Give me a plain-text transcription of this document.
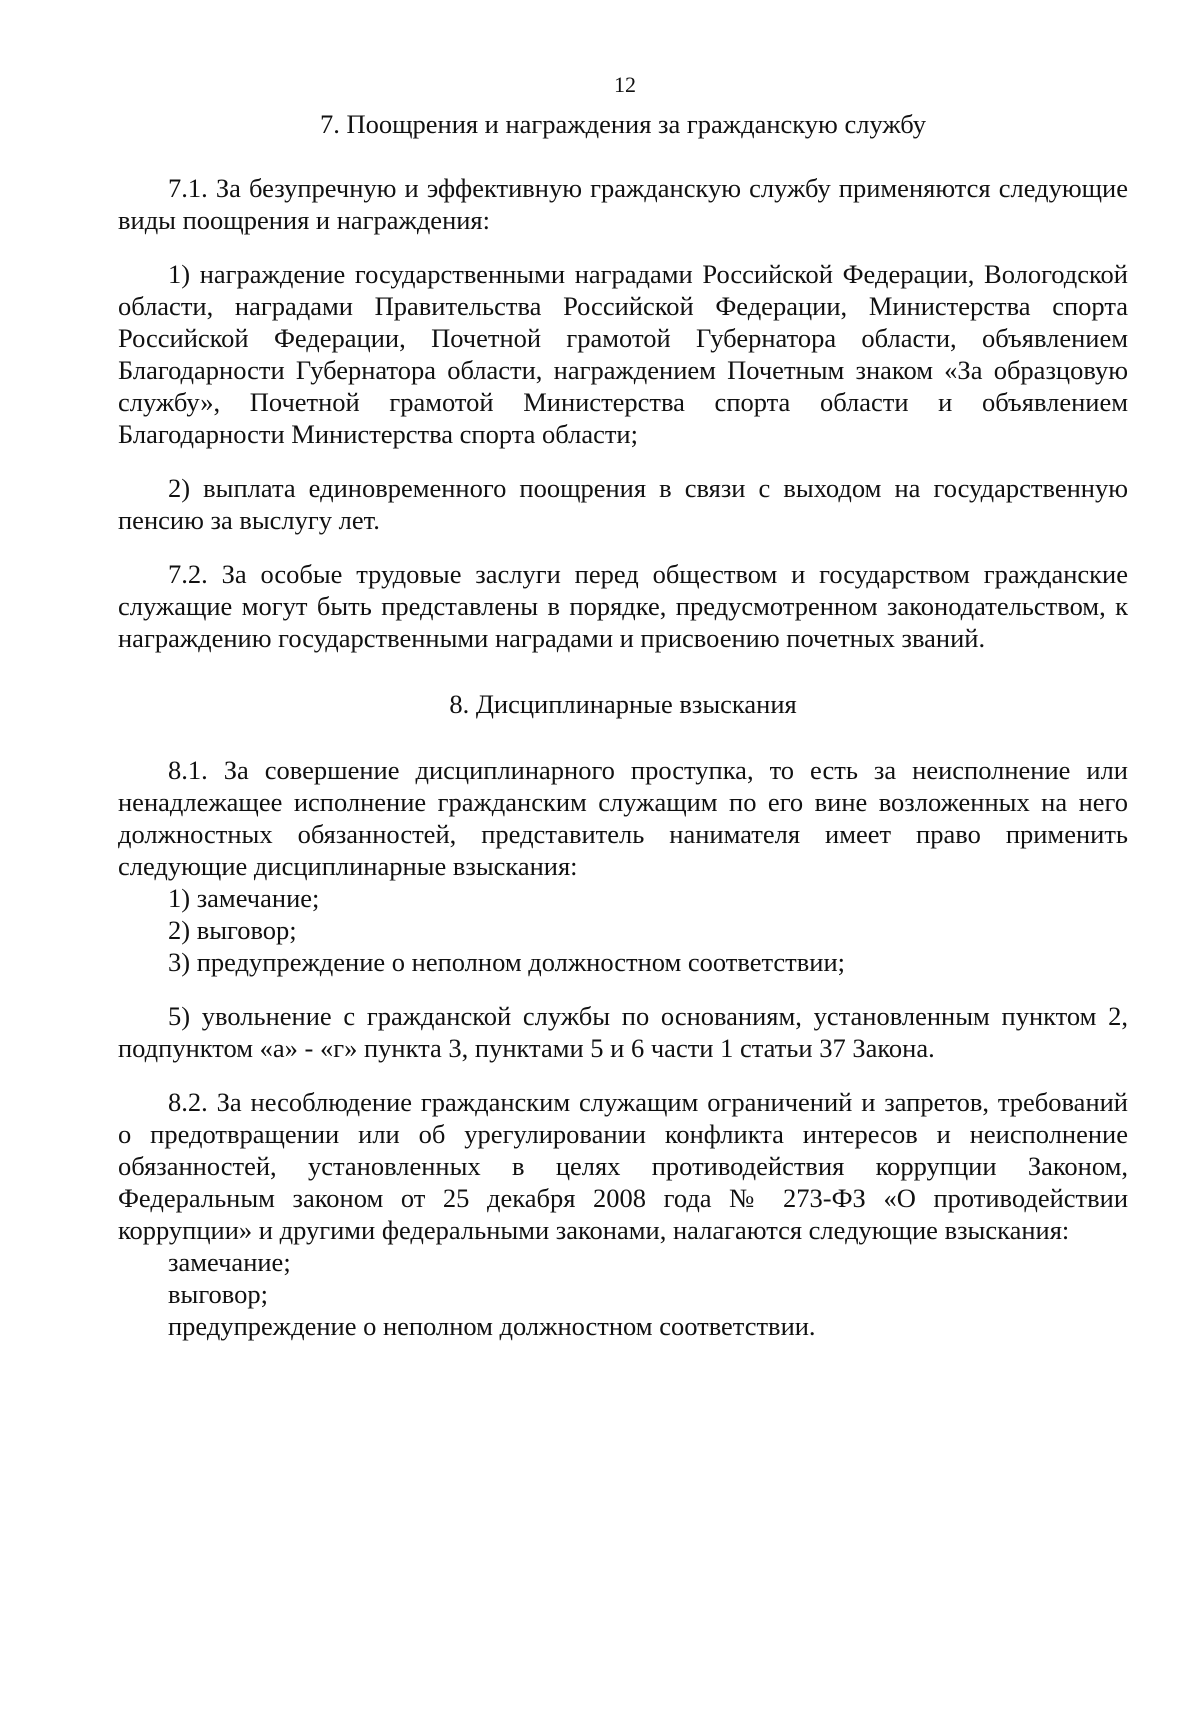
12
7. Поощрения и награждения за гражданскую службу

7.1. За безупречную и эффективную гражданскую службу применяются следующие виды поощрения и награждения:

1) награждение государственными наградами Российской Федерации, Вологодской области, наградами Правительства Российской Федерации, Министерства спорта Российской Федерации, Почетной грамотой Губернатора области, объявлением Благодарности Губернатора области, награждением Почетным знаком «За образцовую службу», Почетной грамотой Министерства спорта области и объявлением Благодарности Министерства спорта области;

2) выплата единовременного поощрения в связи с выходом на государственную пенсию за выслугу лет.

7.2. За особые трудовые заслуги перед обществом и государством гражданские служащие могут быть представлены в порядке, предусмотренном законодательством, к награждению государственными наградами и присвоению почетных званий.

8. Дисциплинарные взыскания

8.1. За совершение дисциплинарного проступка, то есть за неисполнение или ненадлежащее исполнение гражданским служащим по его вине возложенных на него должностных обязанностей, представитель нанимателя имеет право применить следующие дисциплинарные взыскания:

1) замечание;

2) выговор;

3) предупреждение о неполном должностном соответствии;

5) увольнение с гражданской службы по основаниям, установленным пунктом 2, подпунктом «а» - «г» пункта 3, пунктами 5 и 6 части 1 статьи 37 Закона.

8.2. За несоблюдение гражданским служащим ограничений и запретов, требований о предотвращении или об урегулировании конфликта интересов и неисполнение обязанностей, установленных в целях противодействия коррупции Законом, Федеральным законом от 25 декабря 2008 года № 273-ФЗ «О противодействии коррупции» и другими федеральными законами, налагаются следующие взыскания:

замечание;

выговор;

предупреждение о неполном должностном соответствии.
